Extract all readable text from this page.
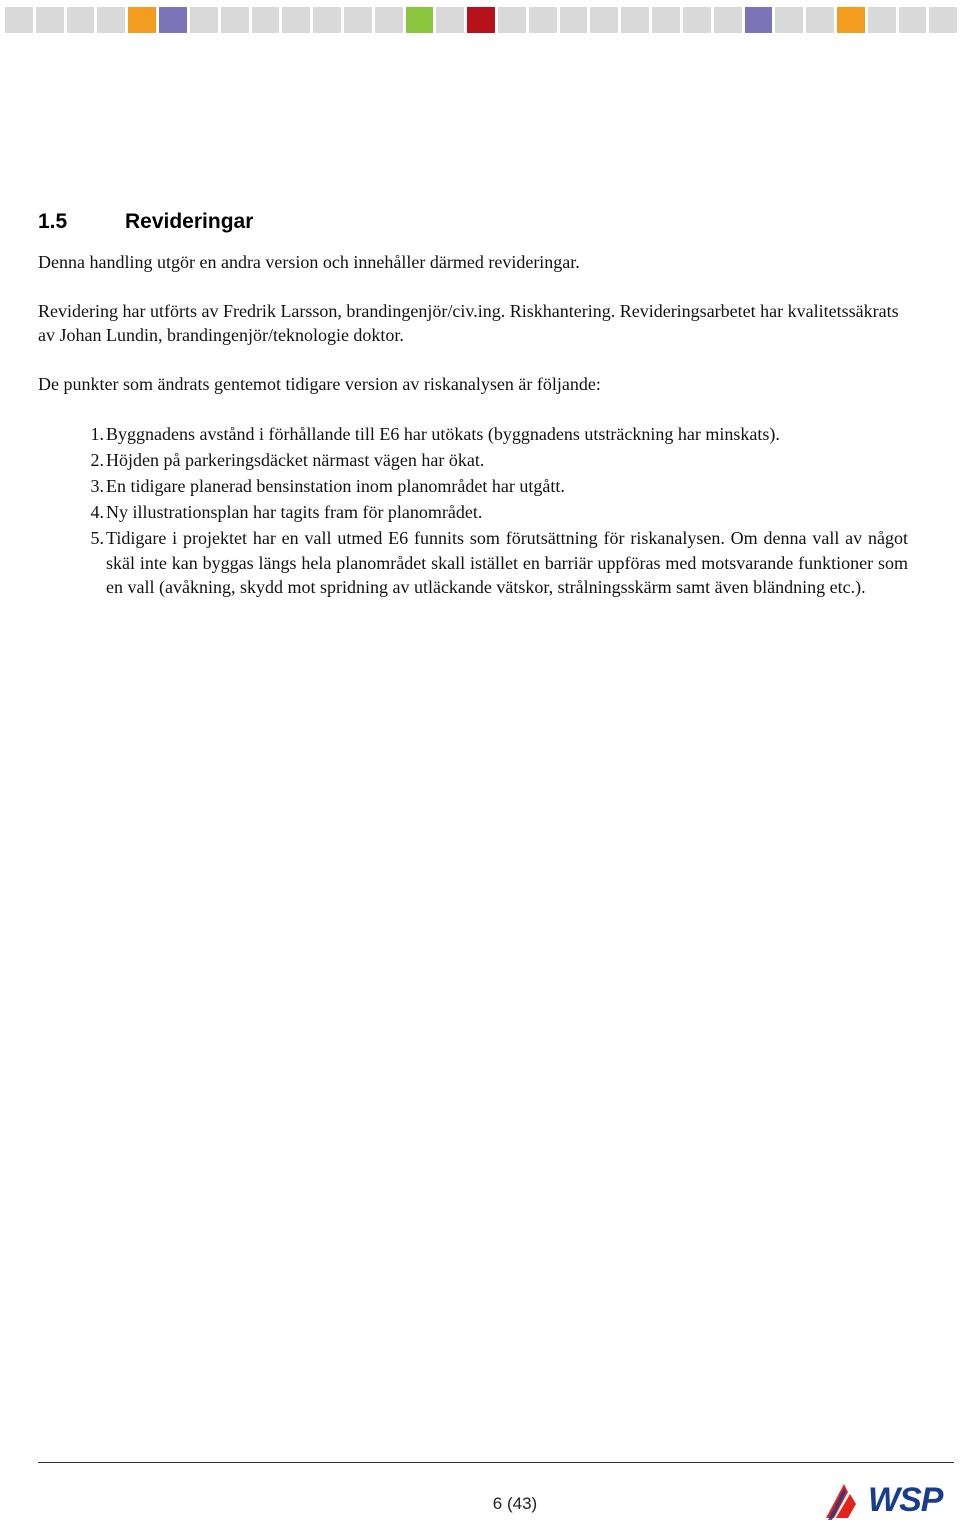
1.5	Revideringar
Denna handling utgör en andra version och innehåller därmed revideringar.
Revidering har utförts av Fredrik Larsson, brandingenjör/civ.ing. Riskhantering. Revideringsarbetet har kvalitetssäkrats av Johan Lundin, brandingenjör/teknologie doktor.
De punkter som ändrats gentemot tidigare version av riskanalysen är följande:
1. Byggnadens avstånd i förhållande till E6 har utökats (byggnadens utsträckning har minskats).
2. Höjden på parkeringsdäcket närmast vägen har ökat.
3. En tidigare planerad bensinstation inom planområdet har utgått.
4. Ny illustrationsplan har tagits fram för planområdet.
5. Tidigare i projektet har en vall utmed E6 funnits som förutsättning för riskanalysen. Om denna vall av något skäl inte kan byggas längs hela planområdet skall istället en barriär uppföras med motsvarande funktioner som en vall (avåkning, skydd mot spridning av utläckande vätskor, strålningsskärm samt även bländning etc.).
6 (43)	WSP
